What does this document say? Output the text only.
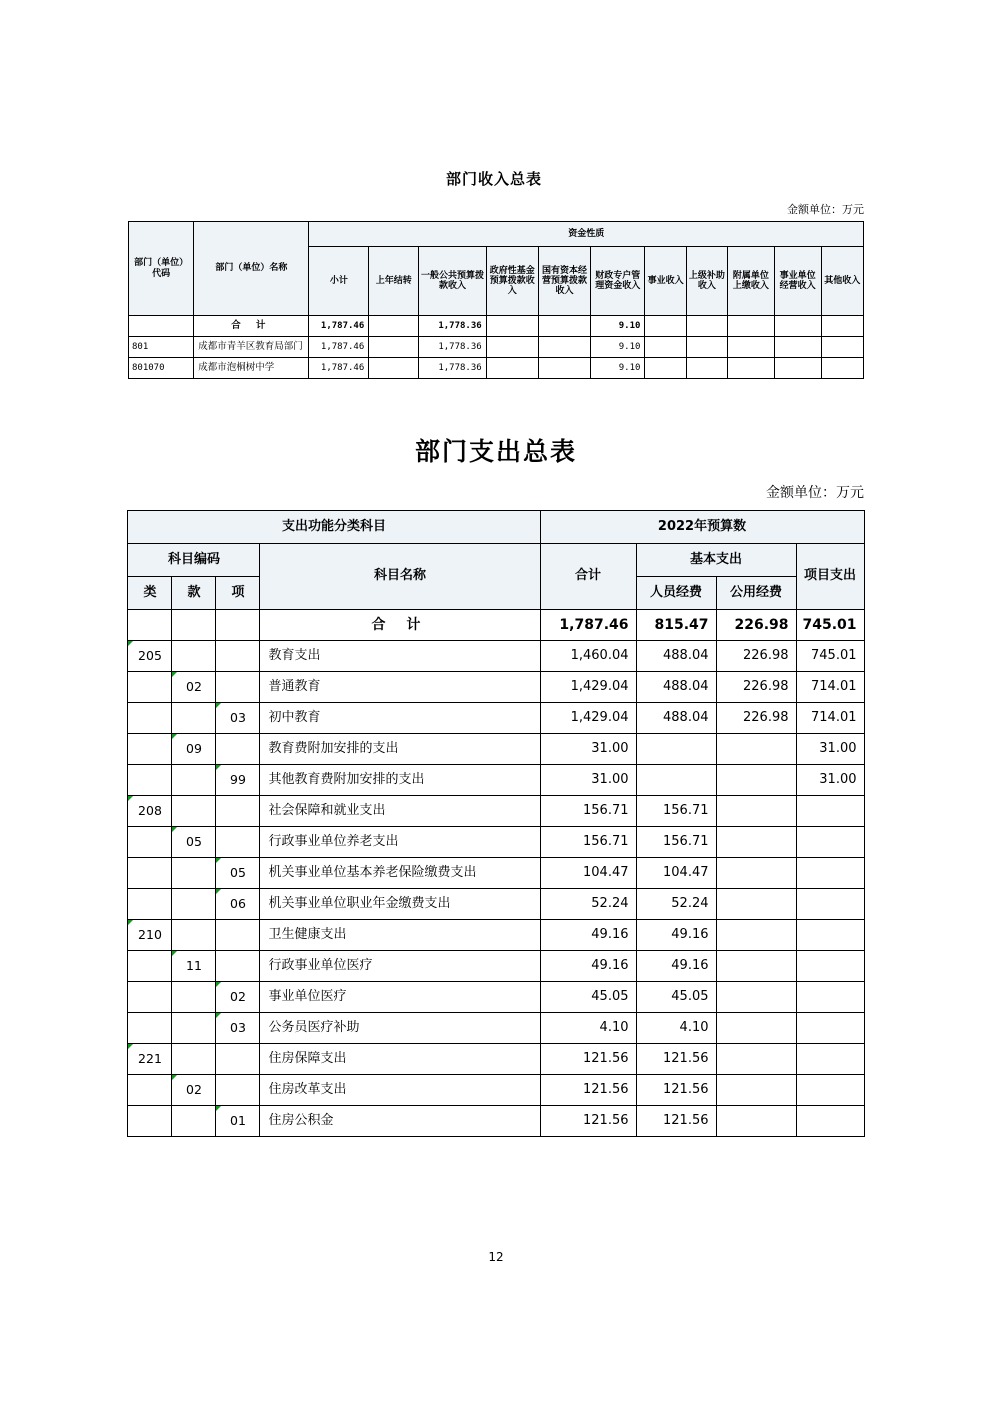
部门收入总表
金额单位：万元
部门（单位）代码	部门（单位）名称	资金性质										
		小计	上年结转	一般公共预算拨款收入	政府性基金预算拨款收入	国有资本经营预算拨款收入	财政专户管理资金收入	事业收入	上级补助收入	附属单位上缴收入	事业单位经营收入	其他收入
	合 计	1,787.46		1,778.36			9.10					
801	成都市青羊区教育局部门	1,787.46		1,778.36			9.10					
801070	成都市泡桐树中学	1,787.46		1,778.36			9.10					
部门支出总表
金额单位：万元
支出功能分类科目				2022年预算数			
科目编码			科目名称	合计	基本支出		项目支出
类	款	项			人员经费	公用经费	
			合 计	1,787.46	815.47	226.98	745.01
205			教育支出	1,460.04	488.04	226.98	745.01
	02		普通教育	1,429.04	488.04	226.98	714.01
		03	初中教育	1,429.04	488.04	226.98	714.01
	09		教育费附加安排的支出	31.00			31.00
		99	其他教育费附加安排的支出	31.00			31.00
208			社会保障和就业支出	156.71	156.71		
	05		行政事业单位养老支出	156.71	156.71		
		05	机关事业单位基本养老保险缴费支出	104.47	104.47		
		06	机关事业单位职业年金缴费支出	52.24	52.24		
210			卫生健康支出	49.16	49.16		
	11		行政事业单位医疗	49.16	49.16		
		02	事业单位医疗	45.05	45.05		
		03	公务员医疗补助	4.10	4.10		
221			住房保障支出	121.56	121.56		
	02		住房改革支出	121.56	121.56		
		01	住房公积金	121.56	121.56		
12
